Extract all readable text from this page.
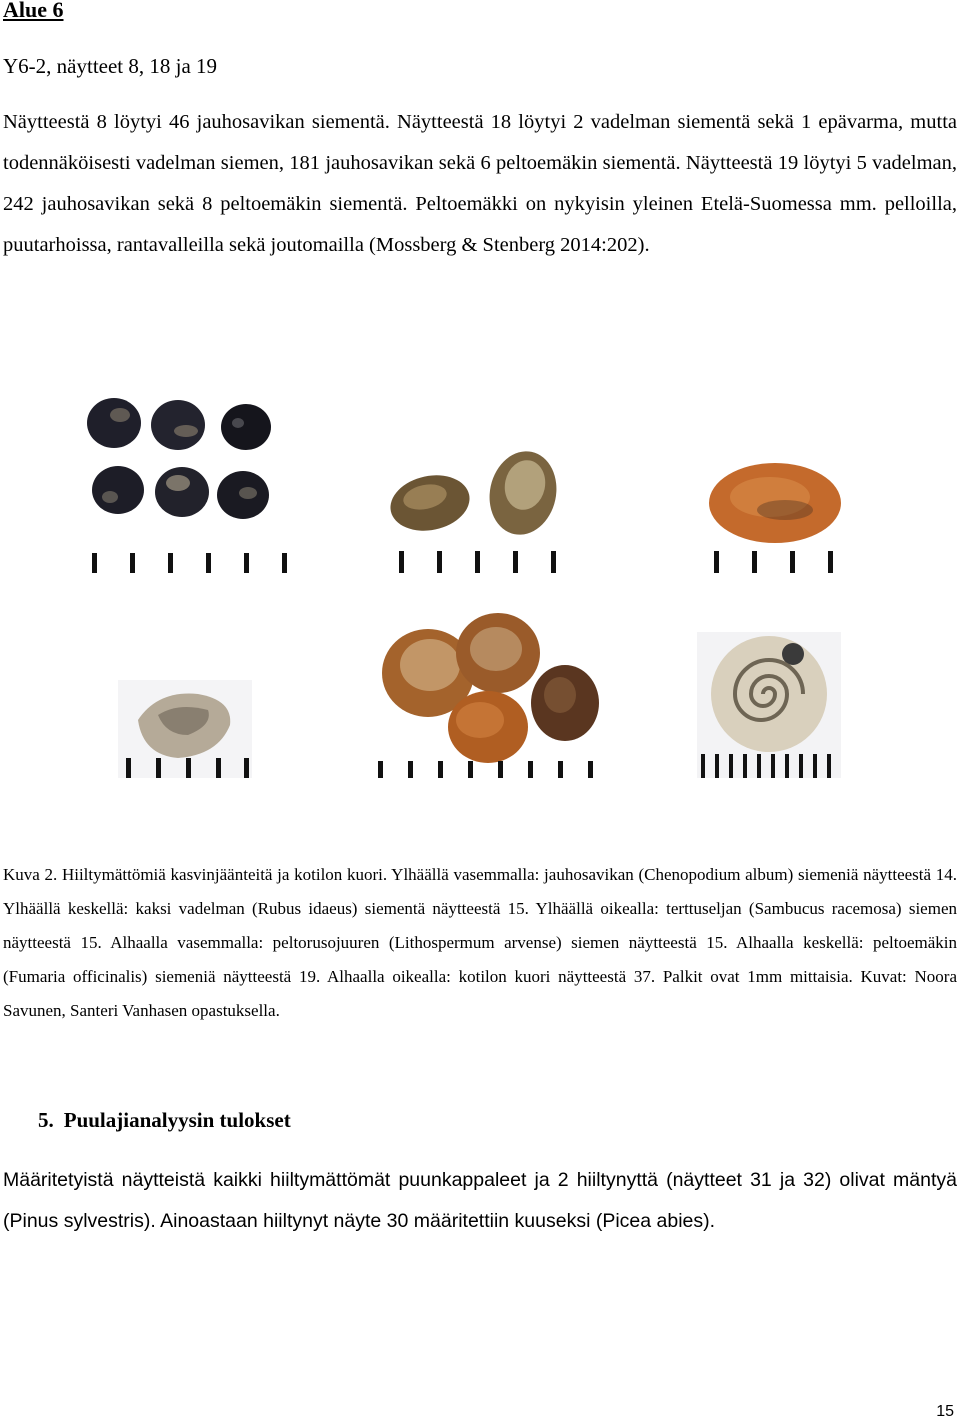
Alue 6

Y6-2, näytteet 8, 18 ja 19

Näytteestä 8 löytyi 46 jauhosavikan siementä. Näytteestä 18 löytyi 2 vadelman siementä sekä 1 epävarma, mutta todennäköisesti vadelman siemen, 181 jauhosavikan sekä 6 peltoemäkin siementä. Näytteestä 19 löytyi 5 vadelman, 242 jauhosavikan sekä 8 peltoemäkin siementä. Peltoemäkki on nykyisin yleinen Etelä-Suomessa mm. pelloilla, puutarhoissa, rantavalleilla sekä joutomailla (Mossberg & Stenberg 2014:202).

Kuva 2. Hiiltymättömiä kasvinjäänteitä ja kotilon kuori. Ylhäällä vasemmalla: jauhosavikan (Chenopodium album) siemeniä näytteestä 14. Ylhäällä keskellä: kaksi vadelman (Rubus idaeus) siementä näytteestä 15. Ylhäällä oikealla: terttuseljan (Sambucus racemosa) siemen näytteestä 15. Alhaalla vasemmalla: peltorusojuuren (Lithospermum arvense) siemen näytteestä 15. Alhaalla keskellä: peltoemäkin (Fumaria officinalis) siemeniä näytteestä 19. Alhaalla oikealla: kotilon kuori näytteestä 37. Palkit ovat 1mm mittaisia. Kuvat: Noora Savunen, Santeri Vanhasen opastuksella.

5. Puulajianalyysin tulokset

Määritetyistä näytteistä kaikki hiiltymättömät puunkappaleet ja 2 hiiltynyttä (näytteet 31 ja 32) olivat mäntyä (Pinus sylvestris). Ainoastaan hiiltynyt näyte 30 määritettiin kuuseksi (Picea abies).

15
